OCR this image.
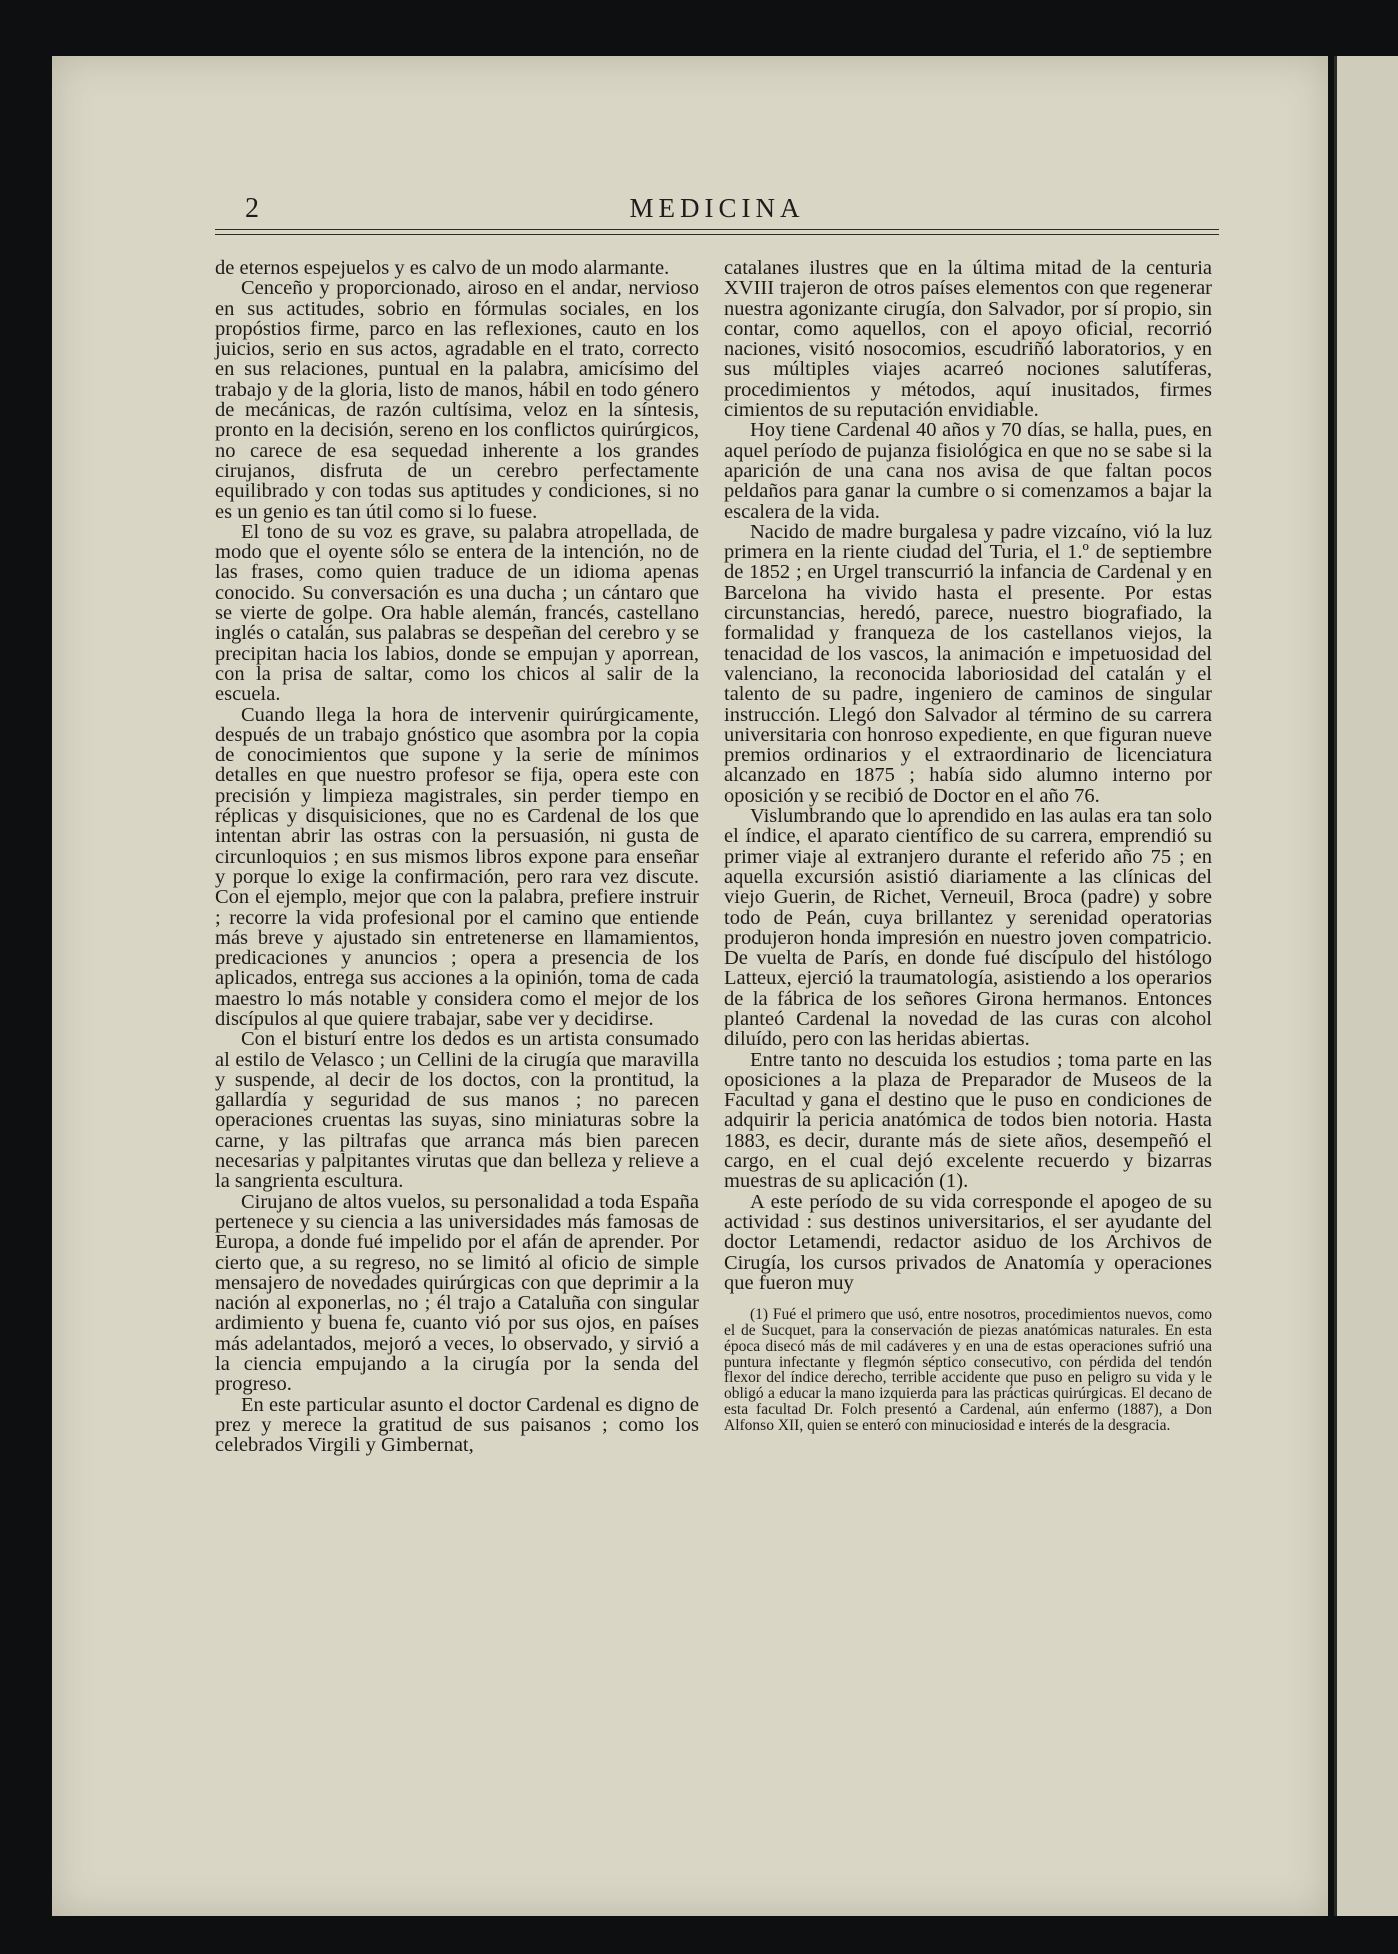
2	MEDICINA

de eternos espejuelos y es calvo de un modo alarmante.

Cenceño y proporcionado, airoso en el andar, nervioso en sus actitudes, sobrio en fórmulas sociales, en los propóstios firme, parco en las reflexiones, cauto en los juicios, serio en sus actos, agradable en el trato, correcto en sus relaciones, puntual en la palabra, amicísimo del trabajo y de la gloria, listo de manos, hábil en todo género de mecánicas, de razón cultísima, veloz en la síntesis, pronto en la decisión, sereno en los conflictos quirúrgicos, no carece de esa sequedad inherente a los grandes cirujanos, disfruta de un cerebro perfectamente equilibrado y con todas sus aptitudes y condiciones, si no es un genio es tan útil como si lo fuese.

El tono de su voz es grave, su palabra atropellada, de modo que el oyente sólo se entera de la intención, no de las frases, como quien traduce de un idioma apenas conocido. Su conversación es una ducha ; un cántaro que se vierte de golpe. Ora hable alemán, francés, castellano inglés o catalán, sus palabras se despeñan del cerebro y se precipitan hacia los labios, donde se empujan y aporrean, con la prisa de saltar, como los chicos al salir de la escuela.

Cuando llega la hora de intervenir quirúrgicamente, después de un trabajo gnóstico que asombra por la copia de conocimientos que supone y la serie de mínimos detalles en que nuestro profesor se fija, opera este con precisión y limpieza magistrales, sin perder tiempo en réplicas y disquisiciones, que no es Cardenal de los que intentan abrir las ostras con la persuasión, ni gusta de circunloquios ; en sus mismos libros expone para enseñar y porque lo exige la confirmación, pero rara vez discute. Con el ejemplo, mejor que con la palabra, prefiere instruir ; recorre la vida profesional por el camino que entiende más breve y ajustado sin entretenerse en llamamientos, predicaciones y anuncios ; opera a presencia de los aplicados, entrega sus acciones a la opinión, toma de cada maestro lo más notable y considera como el mejor de los discípulos al que quiere trabajar, sabe ver y decidirse.

Con el bisturí entre los dedos es un artista consumado al estilo de Velasco ; un Cellini de la cirugía que maravilla y suspende, al decir de los doctos, con la prontitud, la gallardía y seguridad de sus manos ; no parecen operaciones cruentas las suyas, sino miniaturas sobre la carne, y las piltrafas que arranca más bien parecen necesarias y palpitantes virutas que dan belleza y relieve a la sangrienta escultura.

Cirujano de altos vuelos, su personalidad a toda España pertenece y su ciencia a las universidades más famosas de Europa, a donde fué impelido por el afán de aprender. Por cierto que, a su regreso, no se limitó al oficio de simple mensajero de novedades quirúrgicas con que deprimir a la nación al exponerlas, no ; él trajo a Cataluña con singular ardimiento y buena fe, cuanto vió por sus ojos, en países más adelantados, mejoró a veces, lo observado, y sirvió a la ciencia empujando a la cirugía por la senda del progreso.

En este particular asunto el doctor Cardenal es digno de prez y merece la gratitud de sus paisanos ; como los celebrados Virgili y Gimbernat,

catalanes ilustres que en la última mitad de la centuria XVIII trajeron de otros países elementos con que regenerar nuestra agonizante cirugía, don Salvador, por sí propio, sin contar, como aquellos, con el apoyo oficial, recorrió naciones, visitó nosocomios, escudriñó laboratorios, y en sus múltiples viajes acarreó nociones salutíferas, procedimientos y métodos, aquí inusitados, firmes cimientos de su reputación envidiable.

Hoy tiene Cardenal 40 años y 70 días, se halla, pues, en aquel período de pujanza fisiológica en que no se sabe si la aparición de una cana nos avisa de que faltan pocos peldaños para ganar la cumbre o si comenzamos a bajar la escalera de la vida.

Nacido de madre burgalesa y padre vizcaíno, vió la luz primera en la riente ciudad del Turia, el 1.º de septiembre de 1852 ; en Urgel transcurrió la infancia de Cardenal y en Barcelona ha vivido hasta el presente. Por estas circunstancias, heredó, parece, nuestro biografiado, la formalidad y franqueza de los castellanos viejos, la tenacidad de los vascos, la animación e impetuosidad del valenciano, la reconocida laboriosidad del catalán y el talento de su padre, ingeniero de caminos de singular instrucción. Llegó don Salvador al término de su carrera universitaria con honroso expediente, en que figuran nueve premios ordinarios y el extraordinario de licenciatura alcanzado en 1875 ; había sido alumno interno por oposición y se recibió de Doctor en el año 76.

Vislumbrando que lo aprendido en las aulas era tan solo el índice, el aparato científico de su carrera, emprendió su primer viaje al extranjero durante el referido año 75 ; en aquella excursión asistió diariamente a las clínicas del viejo Guerin, de Richet, Verneuil, Broca (padre) y sobre todo de Peán, cuya brillantez y serenidad operatorias produjeron honda impresión en nuestro joven compatricio. De vuelta de París, en donde fué discípulo del histólogo Latteux, ejerció la traumatología, asistiendo a los operarios de la fábrica de los señores Girona hermanos. Entonces planteó Cardenal la novedad de las curas con alcohol diluído, pero con las heridas abiertas.

Entre tanto no descuida los estudios ; toma parte en las oposiciones a la plaza de Preparador de Museos de la Facultad y gana el destino que le puso en condiciones de adquirir la pericia anatómica de todos bien notoria. Hasta 1883, es decir, durante más de siete años, desempeñó el cargo, en el cual dejó excelente recuerdo y bizarras muestras de su aplicación (1).

A este período de su vida corresponde el apogeo de su actividad : sus destinos universitarios, el ser ayudante del doctor Letamendi, redactor asiduo de los Archivos de Cirugía, los cursos privados de Anatomía y operaciones que fueron muy

(1) Fué el primero que usó, entre nosotros, procedimientos nuevos, como el de Sucquet, para la conservación de piezas anatómicas naturales. En esta época disecó más de mil cadáveres y en una de estas operaciones sufrió una puntura infectante y flegmón séptico consecutivo, con pérdida del tendón flexor del índice derecho, terrible accidente que puso en peligro su vida y le obligó a educar la mano izquierda para las prácticas quirúrgicas. El decano de esta facultad Dr. Folch presentó a Cardenal, aún enfermo (1887), a Don Alfonso XII, quien se enteró con minuciosidad e interés de la desgracia.
